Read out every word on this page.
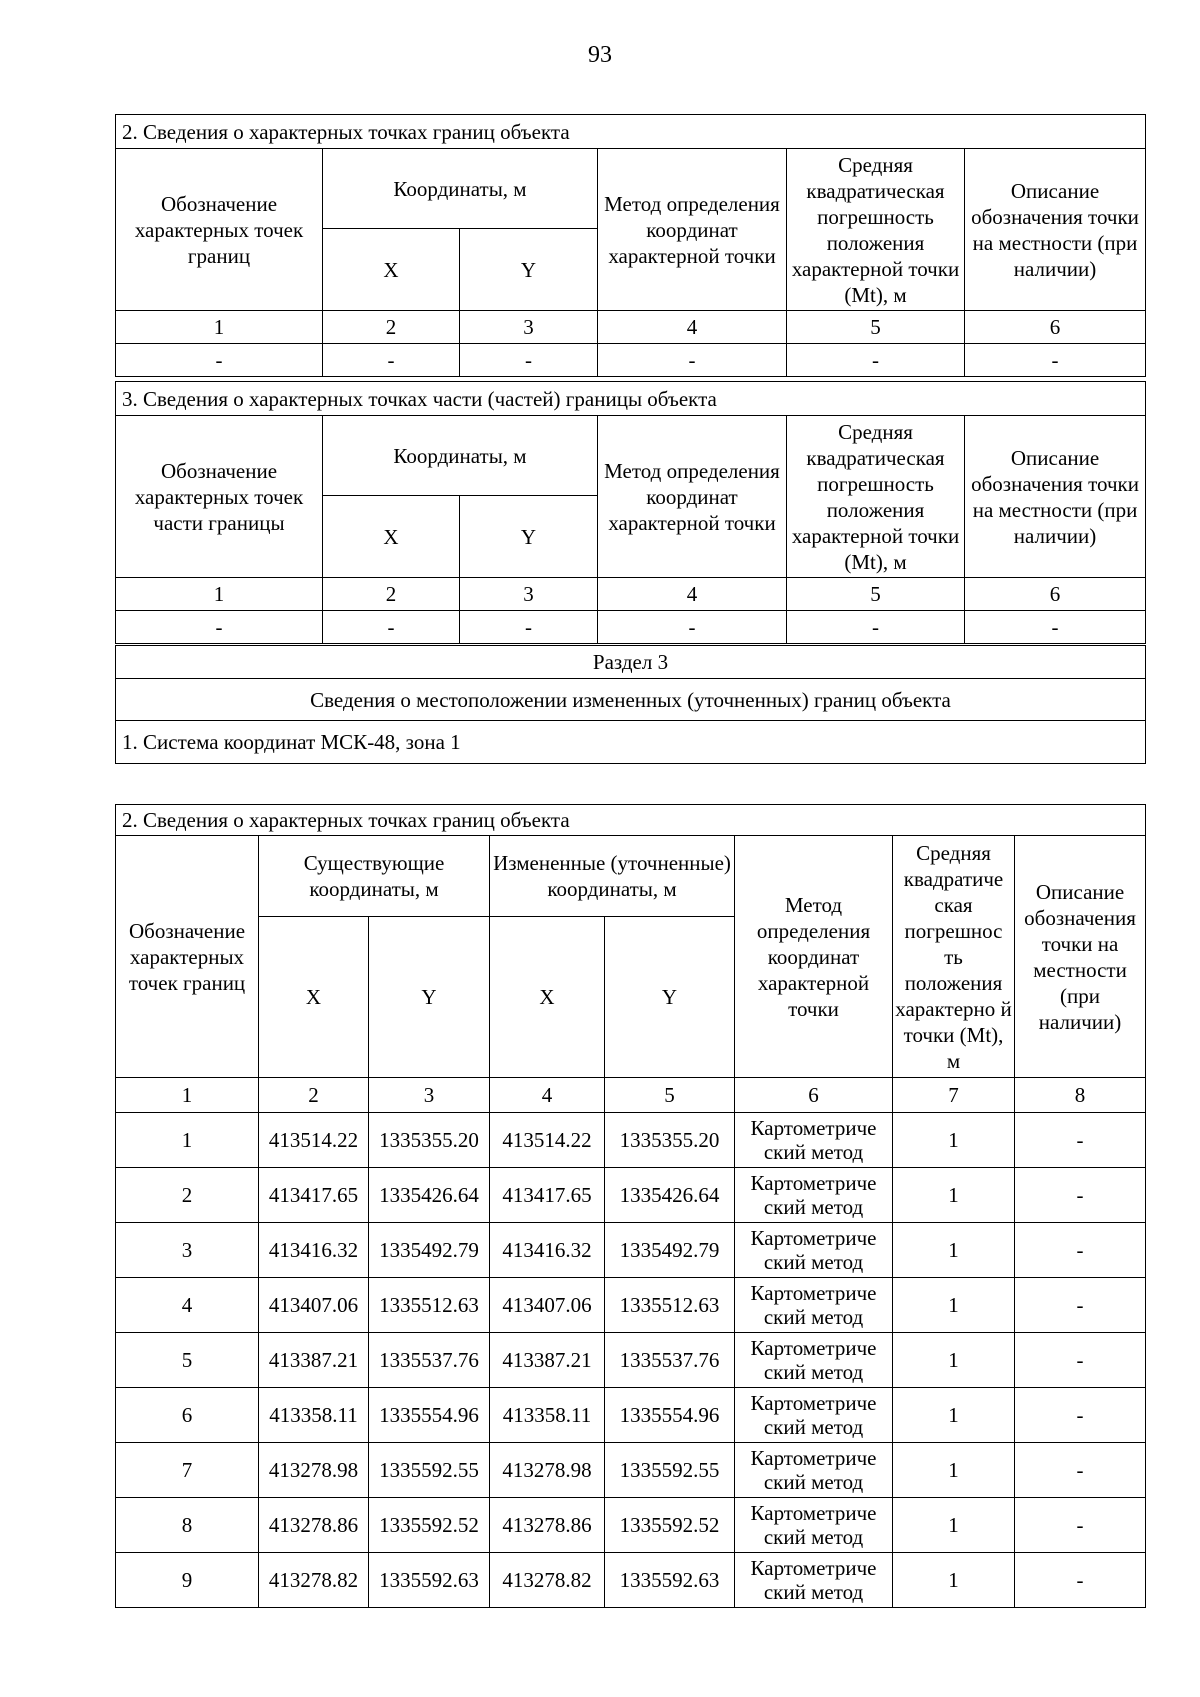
93
2. Сведения о характерных точках границ объекта					
Обозначение характерных точек границ	Координаты, м		Метод определения координат характерной точки	Средняя квадратическая погрешность положения характерной точки (Mt), м	Описание обозначения точки на местности (при наличии)
	X	Y			
1	2	3	4	5	6
-	-	-	-	-	-
3. Сведения о характерных точках части (частей) границы объекта					
Обозначение характерных точек части границы	Координаты, м		Метод определения координат характерной точки	Средняя квадратическая погрешность положения характерной точки (Mt), м	Описание обозначения точки на местности (при наличии)
	X	Y			
1	2	3	4	5	6
-	-	-	-	-	-
Раздел 3
Сведения о местоположении измененных (уточненных) границ объекта
1. Система координат МСК-48, зона 1
2. Сведения о характерных точках границ объекта							
Обозначение характерных точек границ	Существующие координаты, м		Измененные (уточненные) координаты, м		Метод определения координат характерной точки	Средняя квадратиче ская погрешнос ть положения характерно й точки (Mt), м	Описание обозначения точки на местности (при наличии)
	X	Y	X	Y			
1	2	3	4	5	6	7	8
1	413514.22	1335355.20	413514.22	1335355.20	Картометриче ский метод	1	-
2	413417.65	1335426.64	413417.65	1335426.64	Картометриче ский метод	1	-
3	413416.32	1335492.79	413416.32	1335492.79	Картометриче ский метод	1	-
4	413407.06	1335512.63	413407.06	1335512.63	Картометриче ский метод	1	-
5	413387.21	1335537.76	413387.21	1335537.76	Картометриче ский метод	1	-
6	413358.11	1335554.96	413358.11	1335554.96	Картометриче ский метод	1	-
7	413278.98	1335592.55	413278.98	1335592.55	Картометриче ский метод	1	-
8	413278.86	1335592.52	413278.86	1335592.52	Картометриче ский метод	1	-
9	413278.82	1335592.63	413278.82	1335592.63	Картометриче ский метод	1	-
